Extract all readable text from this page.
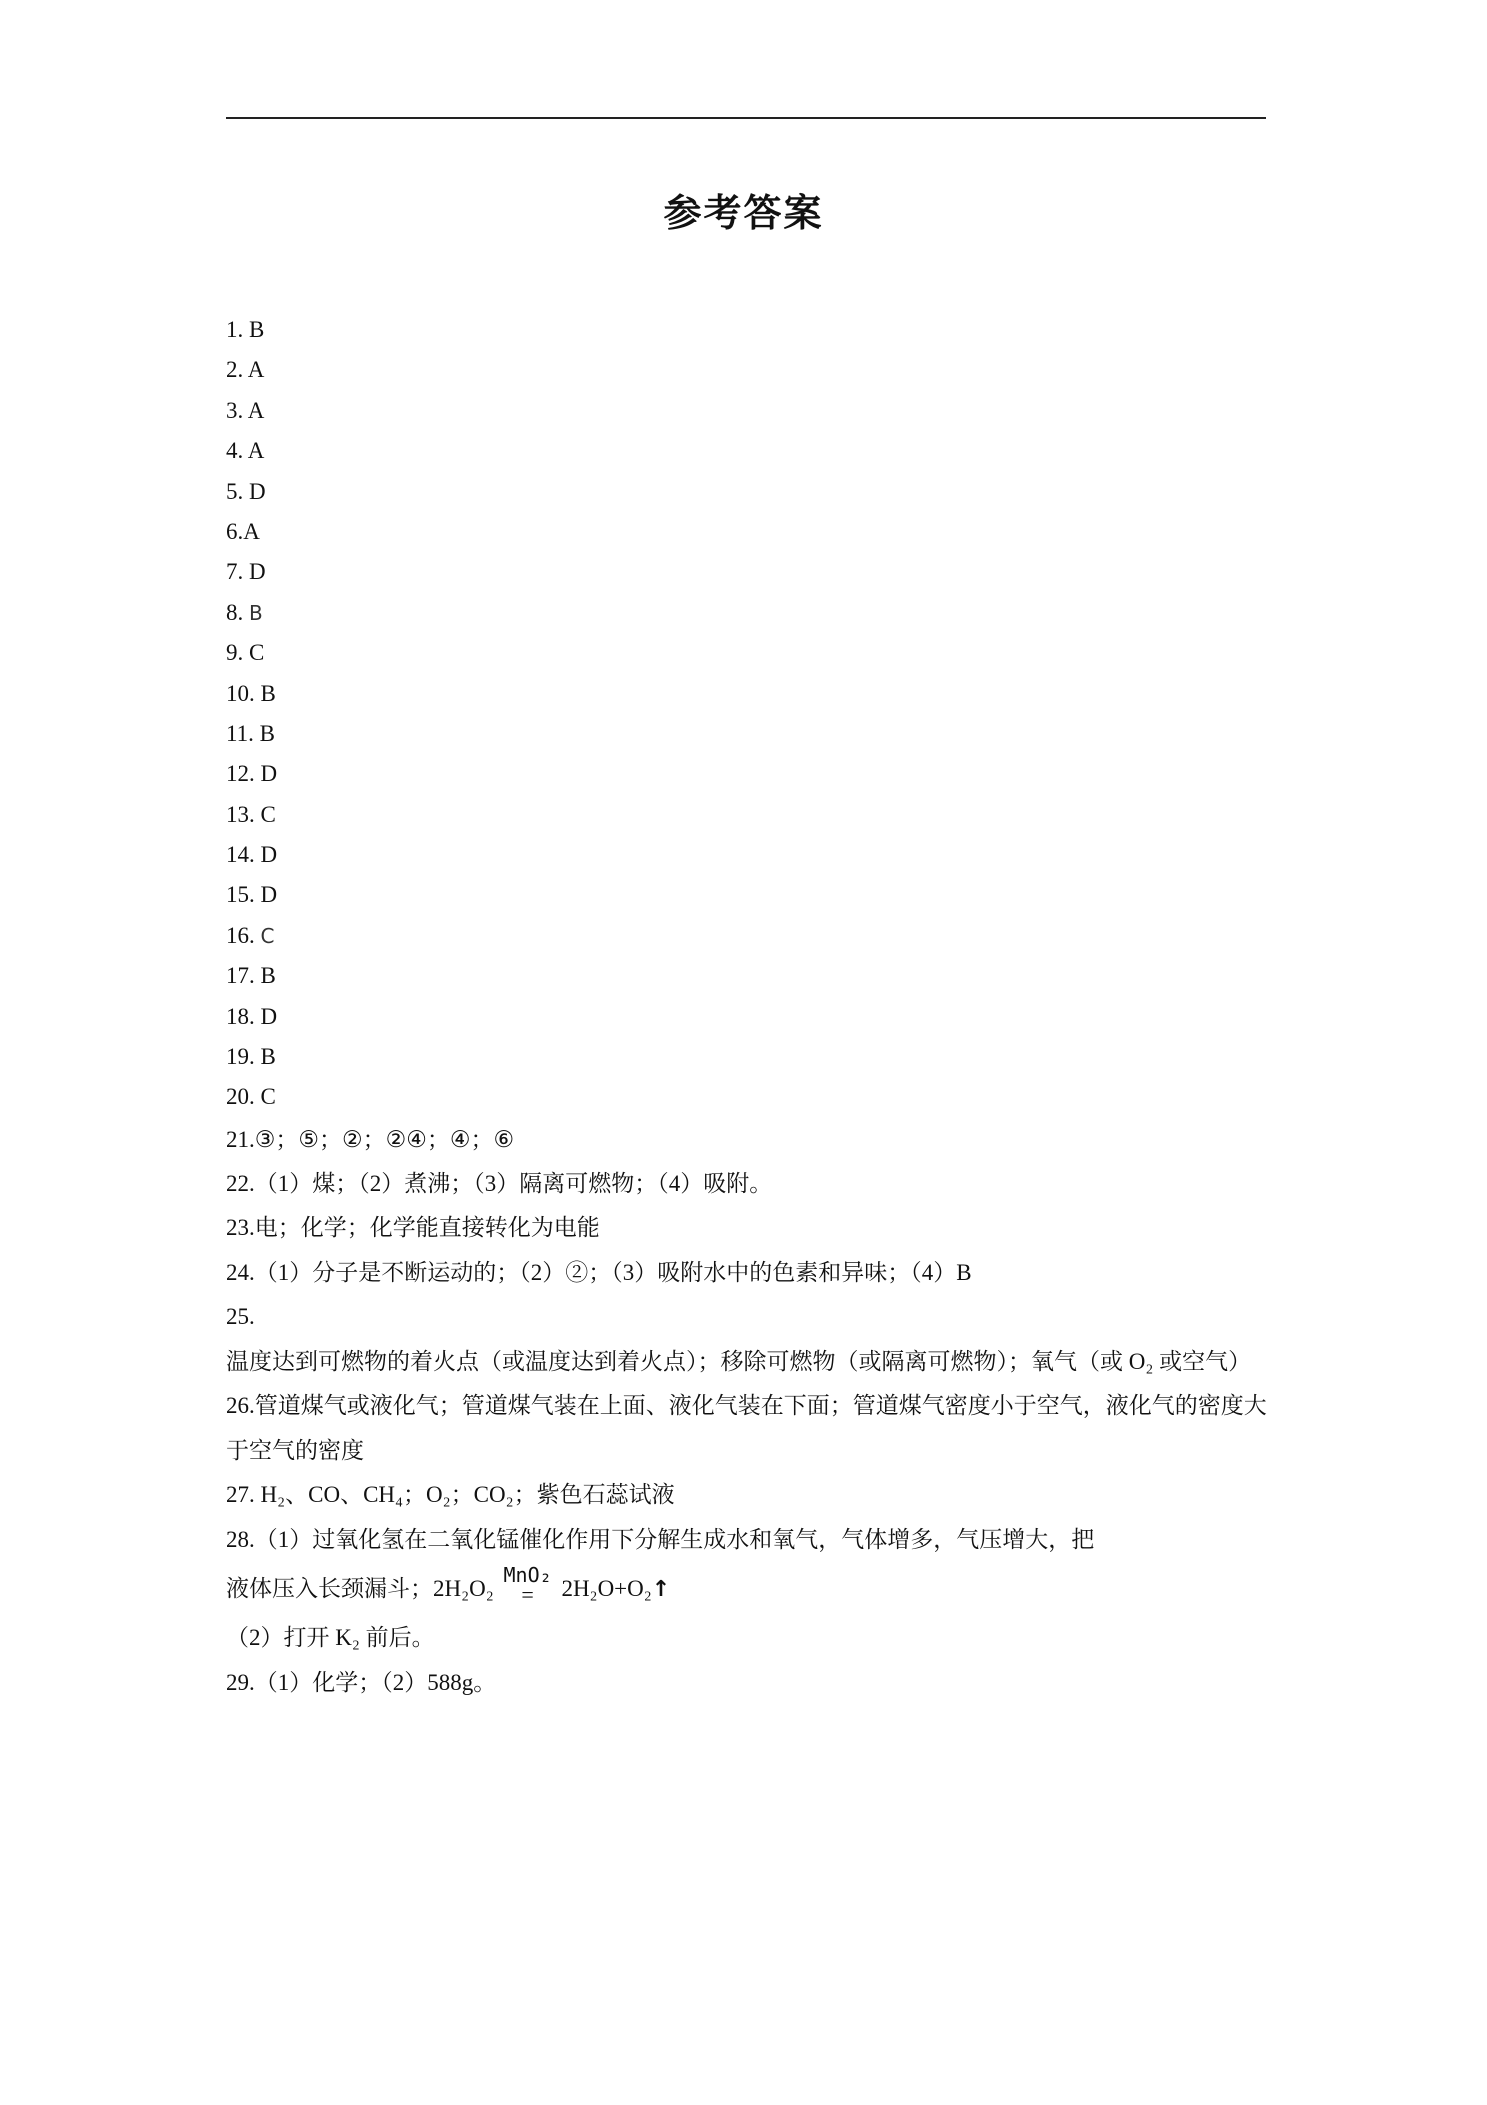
参考答案
1. B
2. A
3. A
4. A
5. D
6.A
7. D
8. B
9. C
10. B
11. B
12. D
13. C
14. D
15. D
16. C
17. B
18. D
19. B
20. C
21.③；⑤；②；②④；④；⑥
22.（1）煤；（2）煮沸；（3）隔离可燃物；（4）吸附。
23.电；化学；化学能直接转化为电能
24.（1）分子是不断运动的；（2）②；（3）吸附水中的色素和异味；（4）B
25.温度达到可燃物的着火点（或温度达到着火点）；移除可燃物（或隔离可燃物）；氧气（或 O₂ 或空气）
26.管道煤气或液化气；管道煤气装在上面、液化气装在下面；管道煤气密度小于空气，液化气的密度大于空气的密度
27. H₂、CO、CH₄；O₂；CO₂；紫色石蕊试液
28.（1）过氧化氢在二氧化锰催化作用下分解生成水和氧气，气体增多，气压增大，把
液体压入长颈漏斗；2H₂O₂
MnO₂
=	2H₂O+O₂↑
（2）打开 K₂ 前后。
29.（1）化学；（2）588g。
